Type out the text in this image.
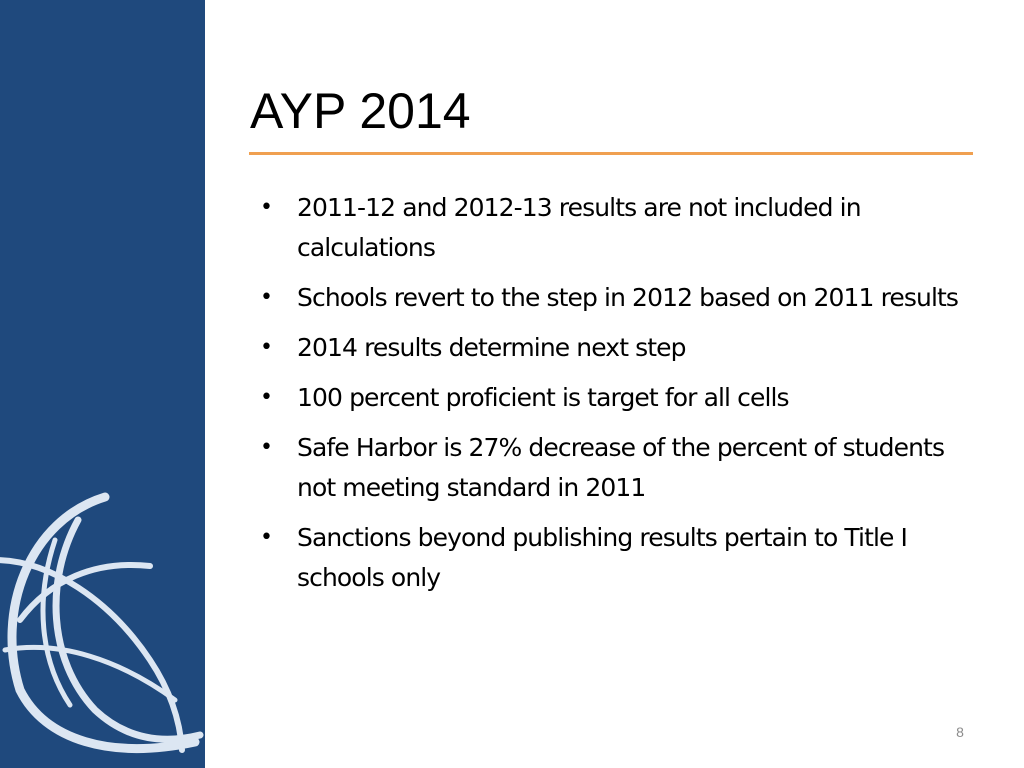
AYP 2014
• 2011-12 and 2012-13 results are not included in calculations
• Schools revert to the step in 2012 based on 2011 results
• 2014 results determine next step
• 100 percent proficient is target for all cells
• Safe Harbor is 27% decrease of the percent of students not meeting standard in 2011
• Sanctions beyond publishing results pertain to Title I schools only
8
